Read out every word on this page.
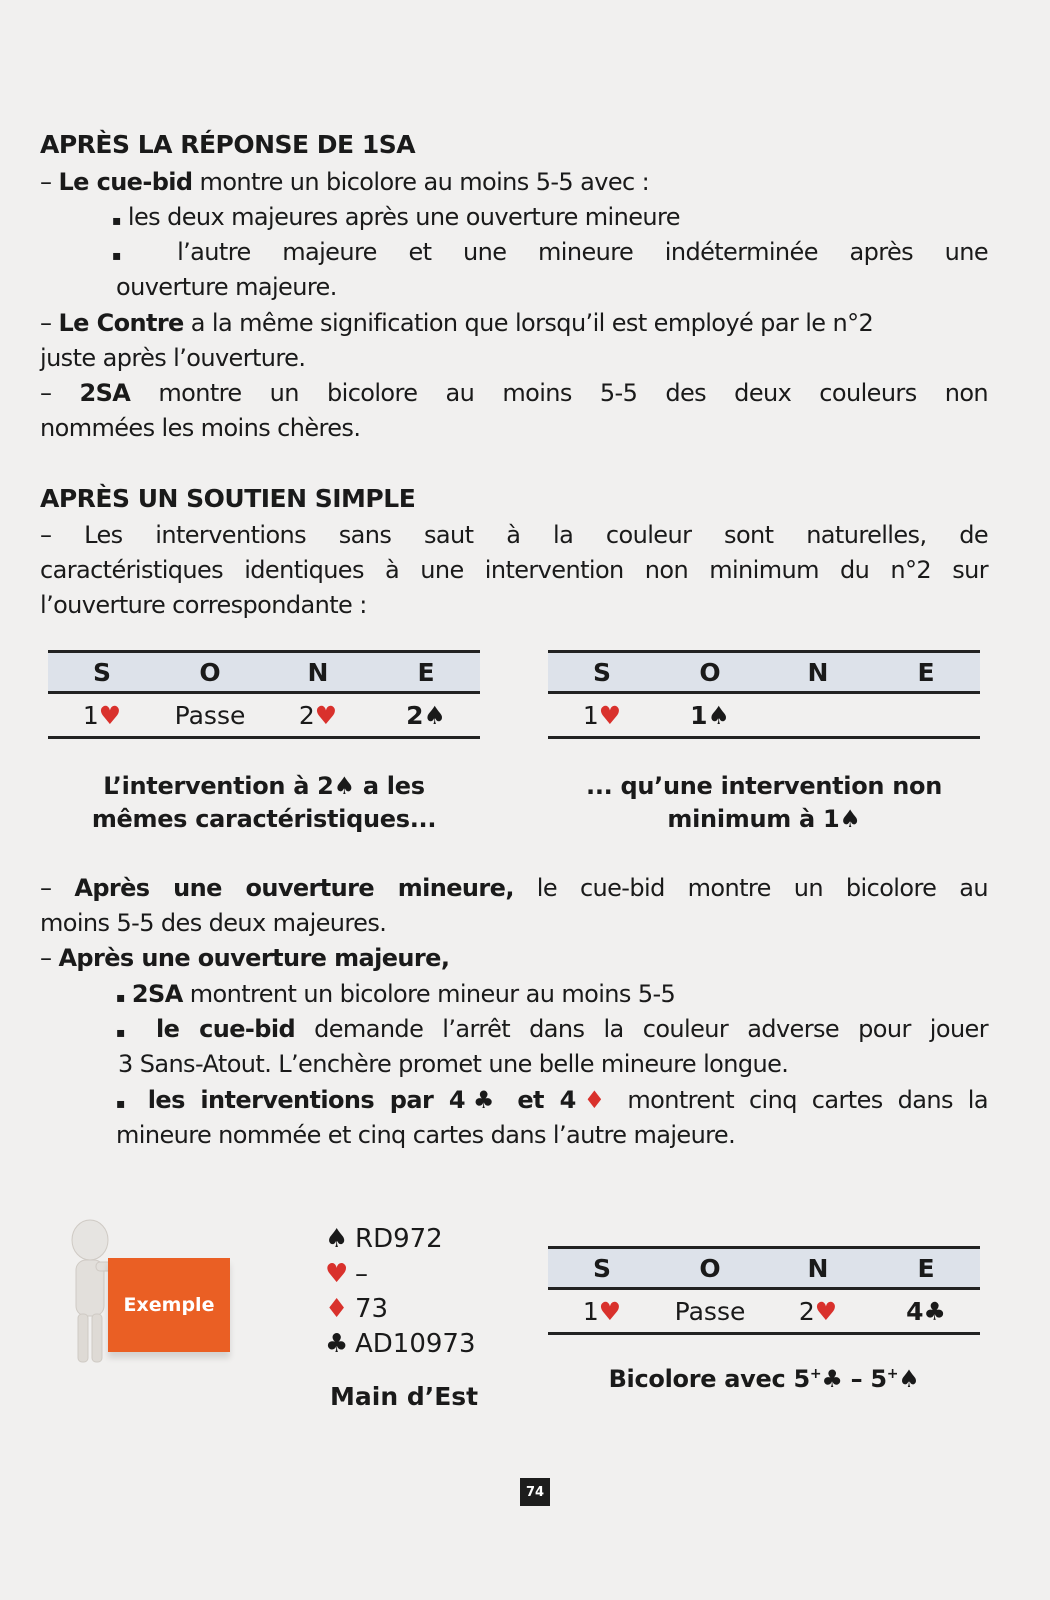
APRÈS LA RÉPONSE DE 1SA
– Le cue-bid montre un bicolore au moins 5-5 avec :
▪ les deux majeures après une ouverture mineure
▪ l’autre majeure et une mineure indéterminée après une
ouverture majeure.
– Le Contre a la même signification que lorsqu’il est employé par le n°2
juste après l’ouverture.
– 2SA montre un bicolore au moins 5-5 des deux couleurs non
nommées les moins chères.
APRÈS UN SOUTIEN SIMPLE
– Les interventions sans saut à la couleur sont naturelles, de
caractéristiques identiques à une intervention non minimum du n°2 sur
l’ouverture correspondante :
S	O	N	E
1♥	Passe	2♥	2♠
L’intervention à 2♠ a les
mêmes caractéristiques...
S	O	N	E
1♥	1♠
... qu’une intervention non
minimum à 1♠
– Après une ouverture mineure, le cue-bid montre un bicolore au
moins 5-5 des deux majeures.
– Après une ouverture majeure,
▪ 2SA montrent un bicolore mineur au moins 5-5
▪ le cue-bid demande l’arrêt dans la couleur adverse pour jouer
3 Sans-Atout. L’enchère promet une belle mineure longue.
▪ les interventions par 4♣ et 4♦ montrent cinq cartes dans la
mineure nommée et cinq cartes dans l’autre majeure.
Exemple
♠ RD972
♥ –
♦ 73
♣ AD10973
Main d’Est
S	O	N	E
1♥	Passe	2♥	4♣
Bicolore avec 5+♣ – 5+♠
74
